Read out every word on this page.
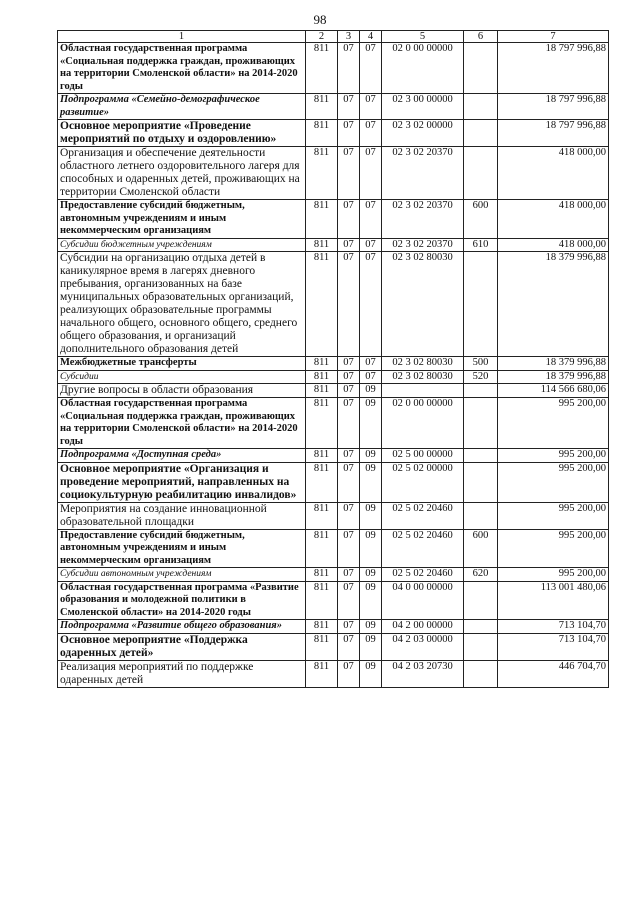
98
1	2	3	4	5	6	7
Областная государственная программа «Социальная поддержка граждан, проживающих на территории Смоленской области» на 2014-2020 годы	811	07	07	02 0 00 00000		18 797 996,88
Подпрограмма «Семейно-демографическое развитие»	811	07	07	02 3 00 00000		18 797 996,88
Основное мероприятие «Проведение мероприятий по отдыху и оздоровлению»	811	07	07	02 3 02 00000		18 797 996,88
Организация и обеспечение деятельности областного летнего оздоровительного лагеря для способных и одаренных детей, проживающих на территории Смоленской области	811	07	07	02 3 02 20370		418 000,00
Предоставление субсидий бюджетным, автономным учреждениям и иным некоммерческим организациям	811	07	07	02 3 02 20370	600	418 000,00
Субсидии бюджетным учреждениям	811	07	07	02 3 02 20370	610	418 000,00
Субсидии на организацию отдыха детей в каникулярное время в лагерях дневного пребывания, организованных на базе муниципальных образовательных организаций, реализующих образовательные программы начального общего, основного общего, среднего общего образования, и организаций дополнительного образования детей	811	07	07	02 3 02 80030		18 379 996,88
Межбюджетные трансферты	811	07	07	02 3 02 80030	500	18 379 996,88
Субсидии	811	07	07	02 3 02 80030	520	18 379 996,88
Другие вопросы в области образования	811	07	09			114 566 680,06
Областная государственная программа «Социальная поддержка граждан, проживающих на территории Смоленской области» на 2014-2020 годы	811	07	09	02 0 00 00000		995 200,00
Подпрограмма «Доступная среда»	811	07	09	02 5 00 00000		995 200,00
Основное мероприятие «Организация и проведение мероприятий, направленных на социокультурную реабилитацию инвалидов»	811	07	09	02 5 02 00000		995 200,00
Мероприятия на создание инновационной образовательной площадки	811	07	09	02 5 02 20460		995 200,00
Предоставление субсидий бюджетным, автономным учреждениям и иным некоммерческим организациям	811	07	09	02 5 02 20460	600	995 200,00
Субсидии автономным учреждениям	811	07	09	02 5 02 20460	620	995 200,00
Областная государственная программа «Развитие образования и молодежной политики в Смоленской области» на 2014-2020 годы	811	07	09	04 0 00 00000		113 001 480,06
Подпрограмма «Развитие общего образования»	811	07	09	04 2 00 00000		713 104,70
Основное мероприятие «Поддержка одаренных детей»	811	07	09	04 2 03 00000		713 104,70
Реализация мероприятий по поддержке одаренных детей	811	07	09	04 2 03 20730		446 704,70
